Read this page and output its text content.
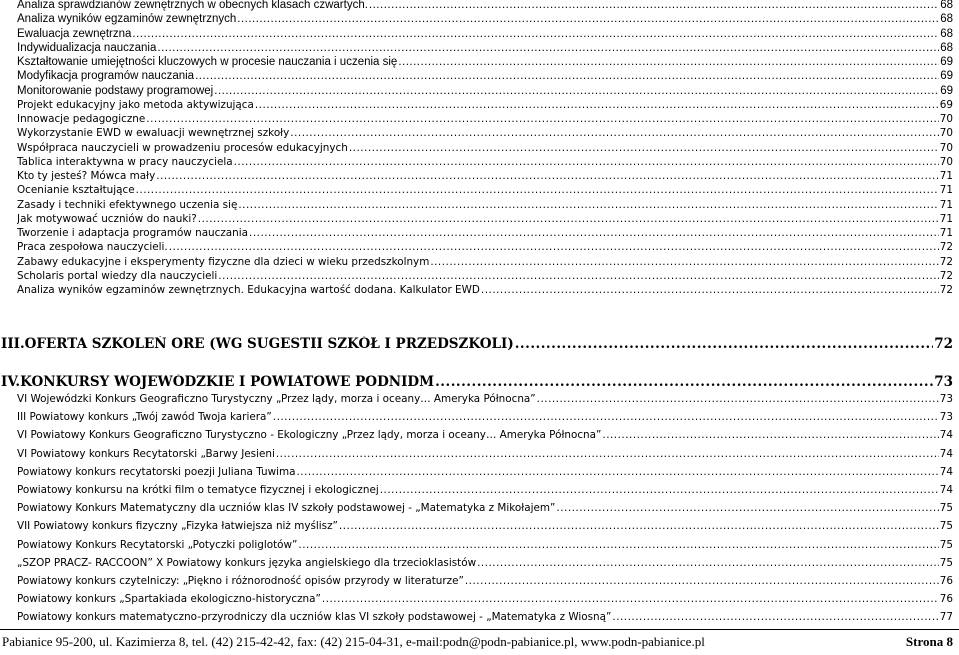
Analiza sprawdzianów zewnętrznych w obecnych klasach czwartych. .....	68
Analiza wyników egzaminów zewnętrznych .....	68
Ewaluacja zewnętrzna .....	68
Indywidualizacja nauczania .....	68
Kształtowanie umiejętności kluczowych w procesie nauczania i uczenia się .....	69
Modyfikacja programów nauczania .....	69
Monitorowanie podstawy programowej .....	69
Projekt edukacyjny jako metoda aktywizująca .....	69
Innowacje pedagogiczne .....	70
Wykorzystanie EWD w ewaluacji wewnętrznej szkoły .....	70
Współpraca nauczycieli w prowadzeniu procesów edukacyjnych .....	70
Tablica interaktywna w pracy nauczyciela .....	70
Kto ty jesteś? Mówca mały .....	71
Ocenianie kształtujące .....	71
Zasady i techniki efektywnego uczenia się .....	71
Jak motywować uczniów do nauki? .....	71
Tworzenie i adaptacja programów nauczania .....	71
Praca zespołowa nauczycieli. .....	72
Zabawy edukacyjne i eksperymenty fizyczne dla dzieci w wieku przedszkolnym .....	72
Scholaris portal wiedzy dla nauczycieli .....	72
Analiza wyników egzaminów zewnętrznych. Edukacyjna wartość dodana. Kalkulator EWD .....	72
III. OFERTA SZKOLEŃ ORE (WG SUGESTII SZKÓŁ I PRZEDSZKOLI) .....	72
IV. KONKURSY WOJEWÓDZKIE I POWIATOWE PODNIDM .....	73
VI Wojewódzki Konkurs Geograficzno Turystyczny „Przez lądy, morza i oceany… Ameryka Północna” .....	73
III Powiatowy konkurs „Twój zawód Twoja kariera” .....	73
VI Powiatowy Konkurs Geograficzno Turystyczno - Ekologiczny „Przez lądy, morza i oceany… Ameryka Północna” .....	74
VI Powiatowy konkurs Recytatorski „Barwy Jesieni .....	74
Powiatowy konkurs recytatorski poezji Juliana Tuwima .....	74
Powiatowy konkursu na krótki film o tematyce fizycznej i ekologicznej .....	74
Powiatowy Konkurs Matematyczny dla uczniów klas IV szkoły podstawowej - „Matematyka z Mikołajem” .....	75
VII Powiatowy konkurs fizyczny „Fizyka łatwiejsza niż myślisz” .....	75
Powiatowy Konkurs Recytatorski „Potyczki poliglotów” .....	75
„SZOP PRACZ- RACCOON” X Powiatowy konkurs języka angielskiego dla trzecioklasistów .....	75
Powiatowy konkurs czytelniczy: „Piękno i różnorodność opisów przyrody w literaturze” .....	76
Powiatowy konkurs „Spartakiada ekologiczno-historyczna” .....	76
Powiatowy konkurs matematyczno-przyrodniczy dla uczniów klas VI szkoły podstawowej - „Matematyka z Wiosną” .....	77
Pabianice 95-200, ul. Kazimierza 8, tel. (42) 215-42-42, fax: (42) 215-04-31, e-mail:podn@podn-pabianice.pl, www.podn-pabianice.pl	Strona 8
